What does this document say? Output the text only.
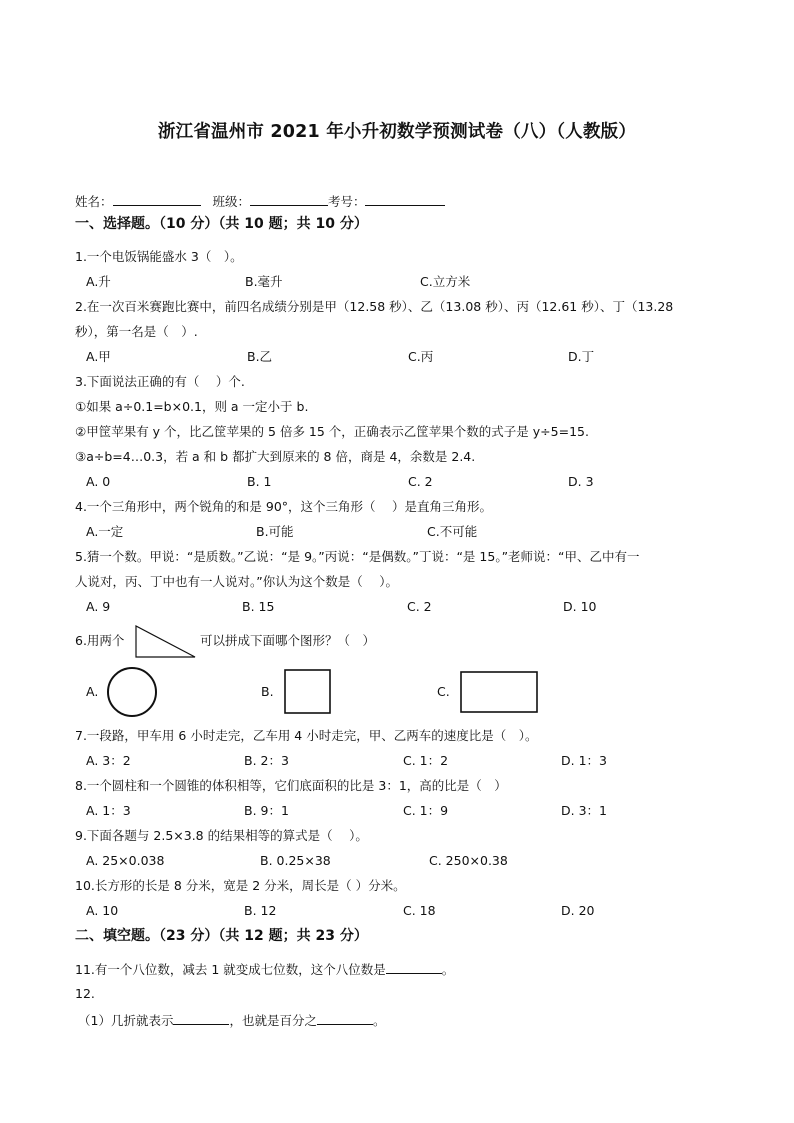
浙江省温州市 2021 年小升初数学预测试卷（八）（人教版）
姓名：	班级：	考号：
一、选择题。（10 分）（共 10 题；共 10 分）
1.一个电饭锅能盛水 3（　）。
A.升	B.毫升	C.立方米
2.在一次百米赛跑比赛中，前四名成绩分别是甲（12.58 秒）、乙（13.08 秒）、丙（12.61 秒）、丁（13.28
秒），第一名是（　）.
A.甲	B.乙	C.丙	D.丁
3.下面说法正确的有（　 ）个.
①如果 a÷0.1=b×0.1，则 a 一定小于 b.
②甲筐苹果有 y 个，比乙筐苹果的 5 倍多 15 个，正确表示乙筐苹果个数的式子是 y÷5=15.
③a÷b=4…0.3，若 a 和 b 都扩大到原来的 8 倍，商是 4，余数是 2.4.
A. 0	B. 1	C. 2	D. 3
4.一个三角形中，两个锐角的和是 90°，这个三角形（　 ）是直角三角形。
A.一定	B.可能	C.不可能
5.猜一个数。甲说：“是质数。”乙说：“是 9。”丙说：“是偶数。”丁说：“是 15。”老师说：“甲、乙中有一
人说对，丙、丁中也有一人说对。”你认为这个数是（　 ）。
A. 9	B. 15	C. 2	D. 10
6.用两个	可以拼成下面哪个图形？（　）
A.	B.	C.
7.一段路，甲车用 6 小时走完，乙车用 4 小时走完，甲、乙两车的速度比是（　）。
A. 3：2	B. 2：3	C. 1：2	D. 1：3
8.一个圆柱和一个圆锥的体积相等，它们底面积的比是 3：1，高的比是（　）
A. 1：3	B. 9：1	C. 1：9	D. 3：1
9.下面各题与 2.5×3.8 的结果相等的算式是（　 ）。
A. 25×0.038	B. 0.25×38	C. 250×0.38
10.长方形的长是 8 分米，宽是 2 分米，周长是（ ）分米。
A. 10	B. 12	C. 18	D. 20
二、填空题。（23 分）（共 12 题；共 23 分）
11.有一个八位数，减去 1 就变成七位数，这个八位数是	。
12.
（1）几折就表示	，也就是百分之	。
